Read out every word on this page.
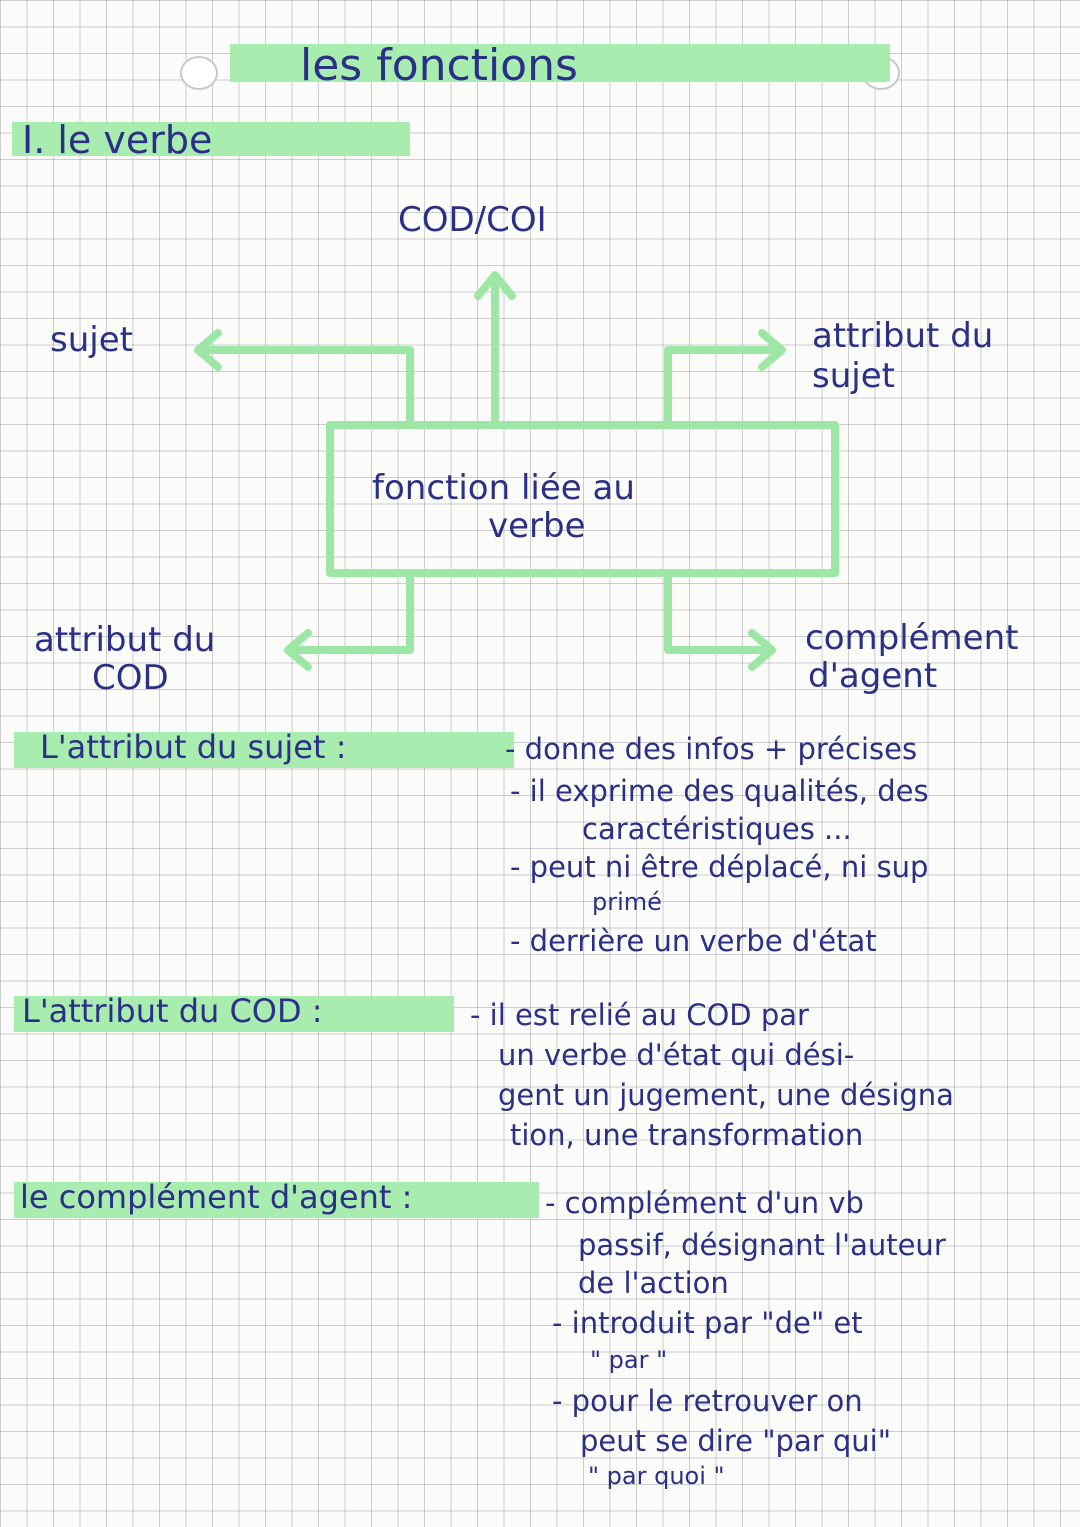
les fonctions
I. le verbe
COD/COI
sujet	attribut du
sujet
fonction liée au
verbe
attribut du
COD
complément
d'agent
L'attribut du sujet :	- donne des infos + précises
- il exprime des qualités, des
caractéristiques ...
- peut ni être déplacé, ni sup
primé
- derrière un verbe d'état
L'attribut du COD :	- il est relié au COD par
un verbe d'état qui dési-
gent un jugement, une désigna
tion, une transformation
le complément d'agent :	- complément d'un vb
passif, désignant l'auteur
de l'action
- introduit par "de" et
" par "
- pour le retrouver on
peut se dire "par qui"
" par quoi "
